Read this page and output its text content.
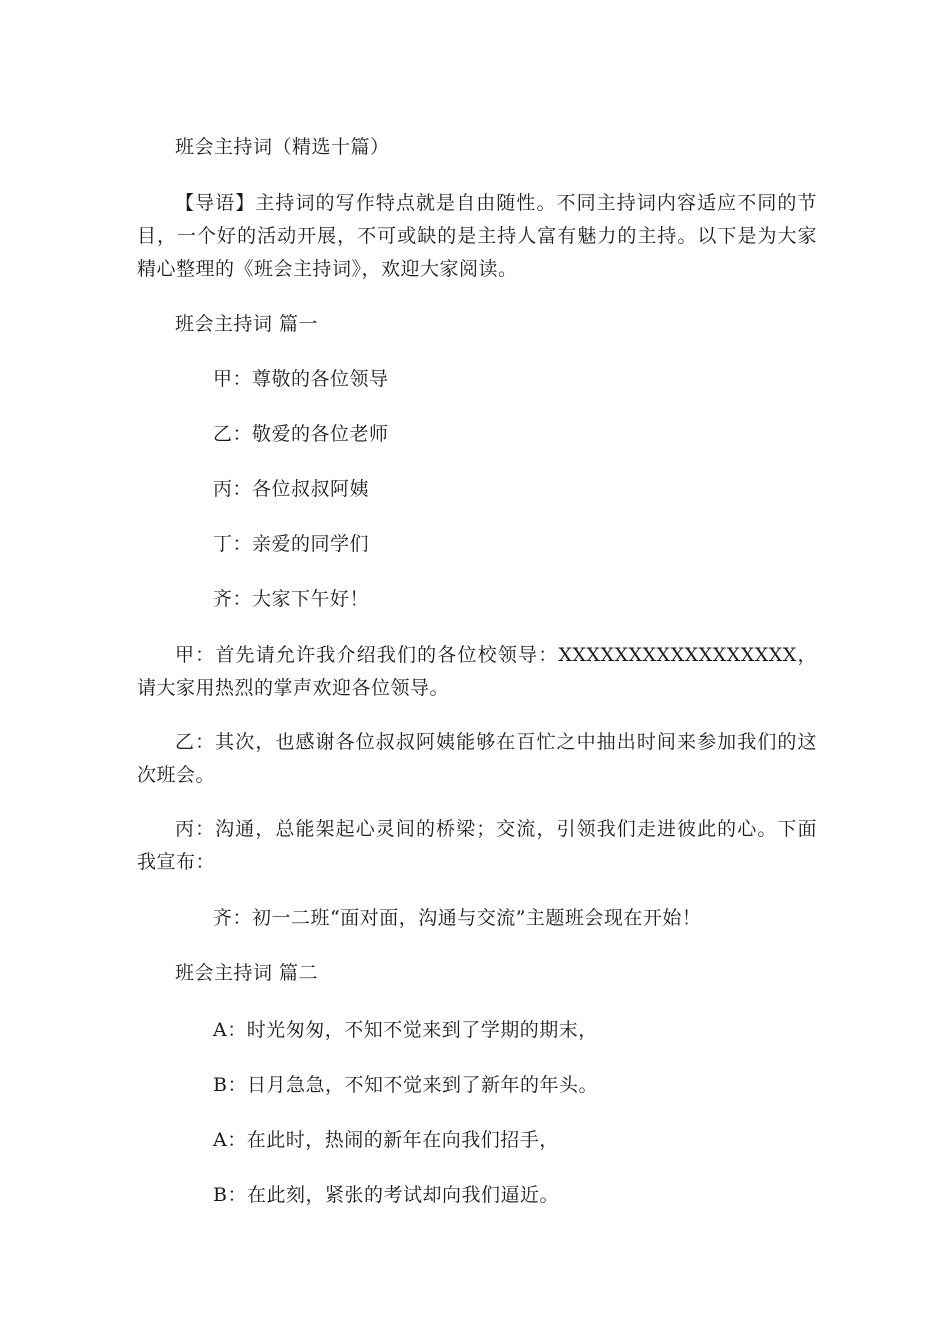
班会主持词（精选十篇）
【导语】主持词的写作特点就是自由随性。不同主持词内容适应不同的节目，一个好的活动开展，不可或缺的是主持人富有魅力的主持。以下是为大家精心整理的《班会主持词》，欢迎大家阅读。
班会主持词 篇一
甲：尊敬的各位领导
乙：敬爱的各位老师
丙：各位叔叔阿姨
丁：亲爱的同学们
齐：大家下午好！
甲：首先请允许我介绍我们的各位校领导：XXXXXXXXXXXXXXXXX，请大家用热烈的掌声欢迎各位领导。
乙：其次，也感谢各位叔叔阿姨能够在百忙之中抽出时间来参加我们的这次班会。
丙：沟通，总能架起心灵间的桥梁；交流，引领我们走进彼此的心。下面我宣布：
齐：初一二班“面对面，沟通与交流”主题班会现在开始！
班会主持词 篇二
A：时光匆匆，不知不觉来到了学期的期末，
B：日月急急，不知不觉来到了新年的年头。
A：在此时，热闹的新年在向我们招手，
B：在此刻，紧张的考试却向我们逼近。
